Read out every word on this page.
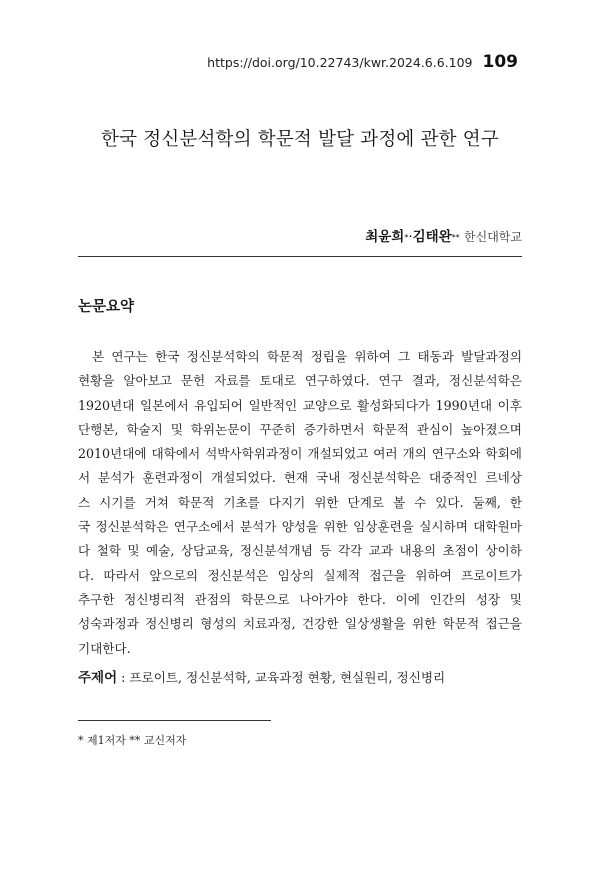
https://doi.org/10.22743/kwr.2024.6.6.109 109
한국 정신분석학의 학문적 발달 과정에 관한 연구
최윤희*·김태완** 한신대학교
논문요약
본 연구는 한국 정신분석학의 학문적 정립을 위하여 그 태동과 발달과정의
현황을 알아보고 문헌 자료를 토대로 연구하였다. 연구 결과, 정신분석학은
1920년대 일본에서 유입되어 일반적인 교양으로 활성화되다가 1990년대 이후
단행본, 학술지 및 학위논문이 꾸준히 증가하면서 학문적 관심이 높아졌으며
2010년대에 대학에서 석박사학위과정이 개설되었고 여러 개의 연구소와 학회에
서 분석가 훈련과정이 개설되었다. 현재 국내 정신분석학은 대중적인 르네상
스 시기를 거쳐 학문적 기초를 다지기 위한 단계로 볼 수 있다. 둘째, 한
국 정신분석학은 연구소에서 분석가 양성을 위한 임상훈련을 실시하며 대학원마
다 철학 및 예술, 상담교육, 정신분석개념 등 각각 교과 내용의 초점이 상이하
다. 따라서 앞으로의 정신분석은 임상의 실제적 접근을 위하여 프로이트가
추구한 정신병리적 관점의 학문으로 나아가야 한다. 이에 인간의 성장 및
성숙과정과 정신병리 형성의 치료과정, 건강한 일상생활을 위한 학문적 접근을
기대한다.
주제어 : 프로이트, 정신분석학, 교육과정 현황, 현실원리, 정신병리
* 제1저자 ** 교신저자
